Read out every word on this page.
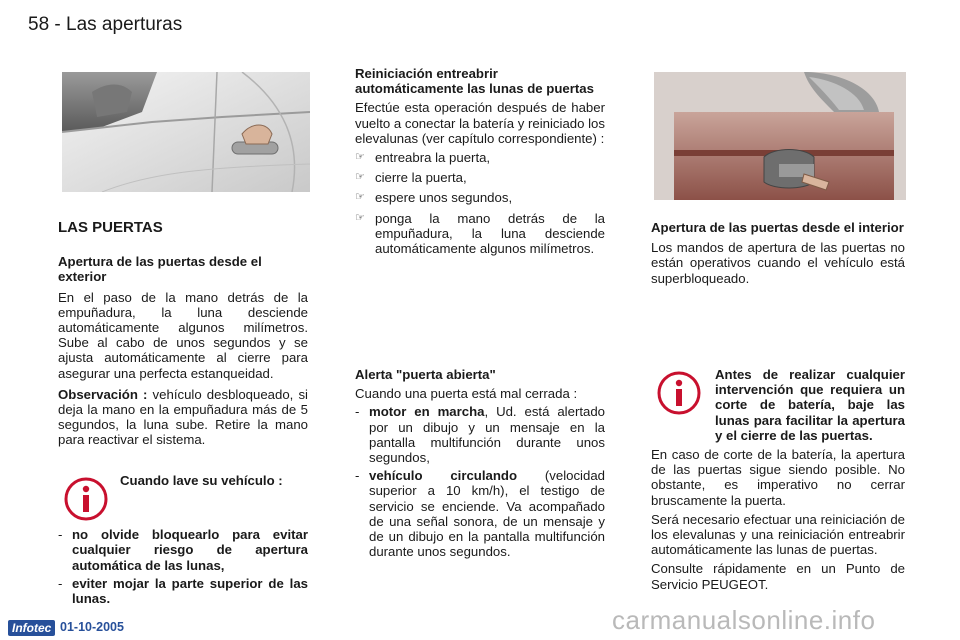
58 - Las aperturas
LAS PUERTAS
Apertura de las puertas desde el exterior

En el paso de la mano detrás de la empuñadura, la luna desciende automáticamente algunos milímetros. Sube al cabo de unos segundos y se ajusta automáticamente al cierre para asegurar una perfecta estanqueidad.

Observación : vehículo desbloqueado, si deja la mano en la empuñadura más de 5 segundos, la luna sube. Retire la mano para reactivar el sistema.

Cuando lave su vehículo :
- no olvide bloquearlo para evitar cualquier riesgo de apertura automática de las lunas,
- eviter mojar la parte superior de las lunas.
Reiniciación entreabrir automáticamente las lunas de puertas

Efectúe esta operación después de haber vuelto a conectar la batería y reiniciado los elevalunas (ver capítulo correspondiente) :

☞ entreabra la puerta,
☞ cierre la puerta,
☞ espere unos segundos,
☞ ponga la mano detrás de la empuñadura, la luna desciende automáticamente algunos milímetros.
Alerta "puerta abierta"

Cuando una puerta está mal cerrada :

- motor en marcha, Ud. está alertado por un dibujo y un mensaje en la pantalla multifunción durante unos segundos,
- vehículo circulando (velocidad superior a 10 km/h), el testigo de servicio se enciende. Va acompañado de una señal sonora, de un mensaje y de un dibujo en la pantalla multifunción durante unos segundos.
Apertura de las puertas desde el interior

Los mandos de apertura de las puertas no están operativos cuando el vehículo está superbloqueado.

Antes de realizar cualquier intervención que requiera un corte de batería, baje las lunas para facilitar la apertura y el cierre de las puertas.

En caso de corte de la batería, la apertura de las puertas sigue siendo posible. No obstante, es imperativo no cerrar bruscamente la puerta.

Será necesario efectuar una reiniciación de los elevalunas y una reiniciación entreabrir automáticamente las lunas de puertas.

Consulte rápidamente en un Punto de Servicio PEUGEOT.

Infotec 01-10-2005	carmanualsonline.info
